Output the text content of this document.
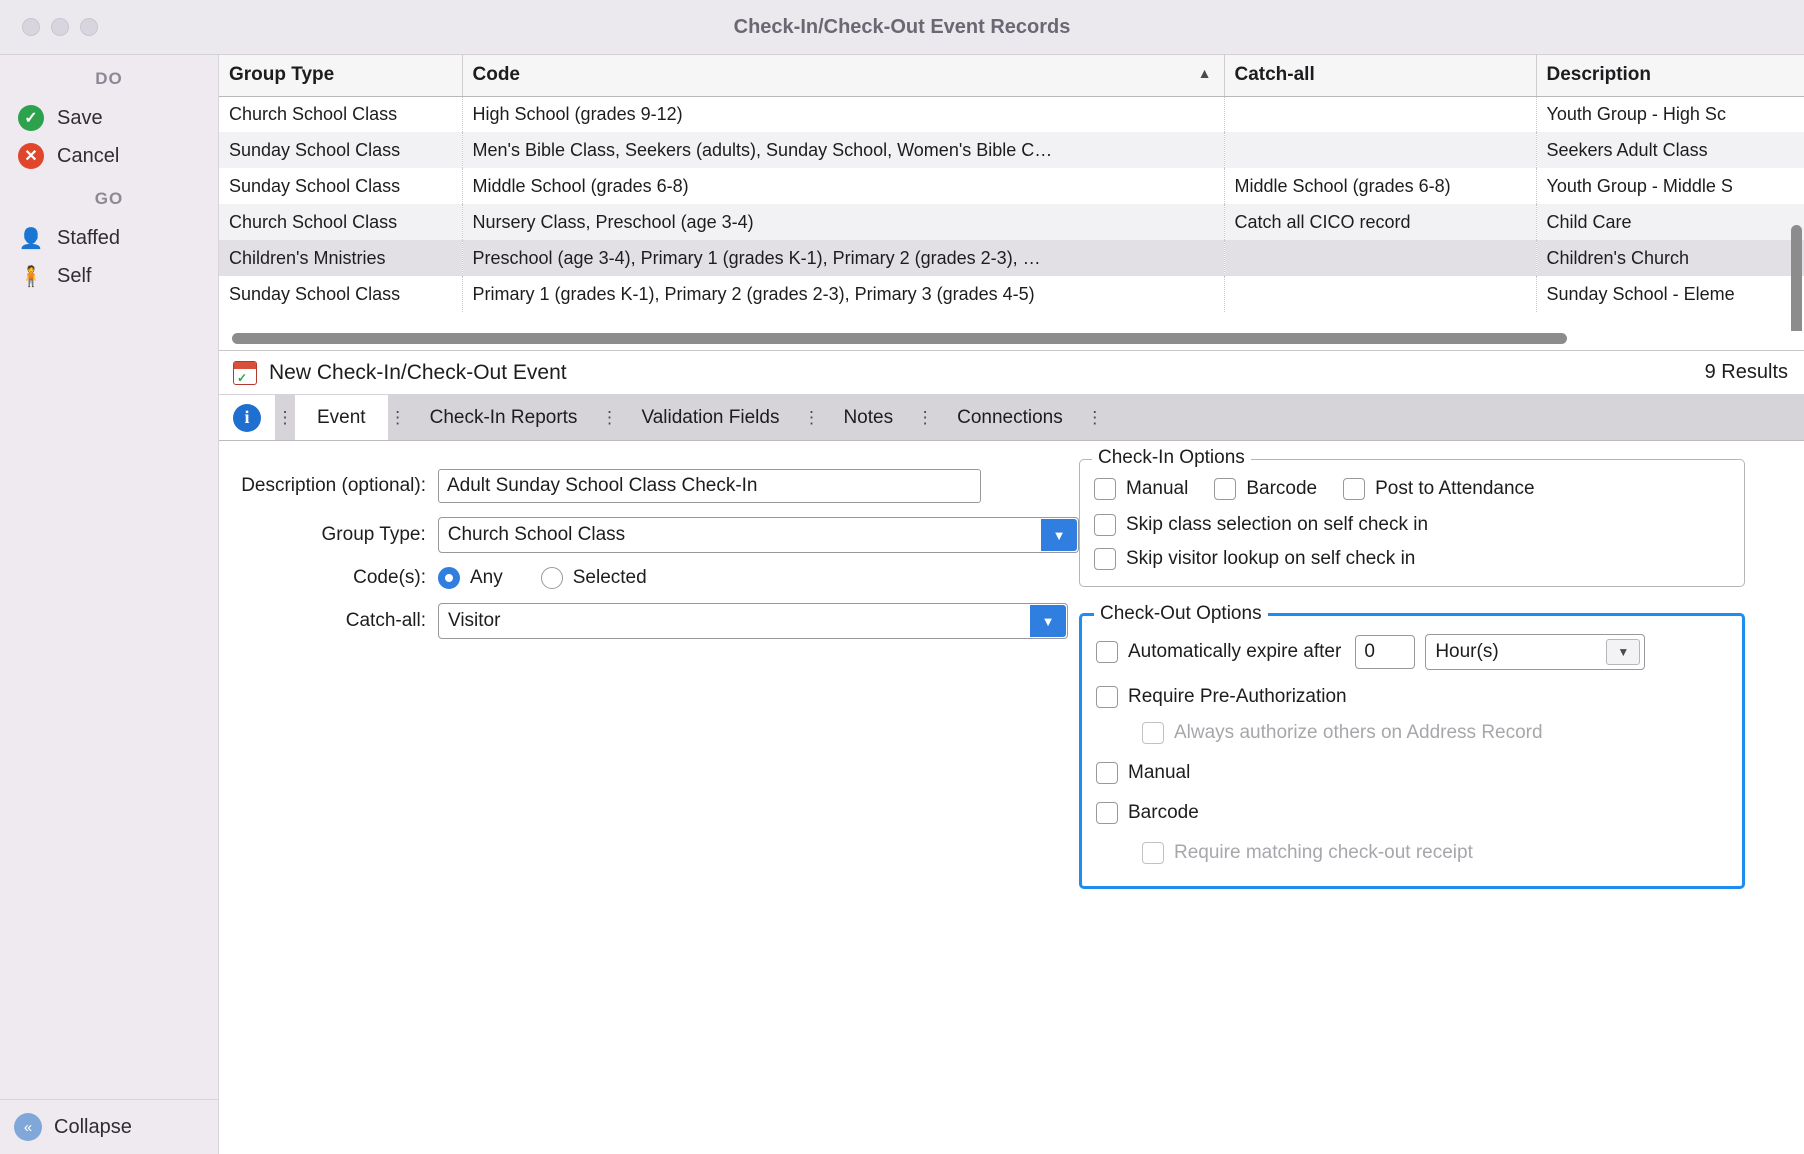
Check-In/Check-Out Event Records
DO
✓ Save
✕ Cancel
GO
👤 Staffed
🧍 Self
«	Collapse
Group Type	Code ▲	Catch-all	Description
Church School Class	High School (grades 9-12)		Youth Group - High Sc
Sunday School Class	Men's Bible Class, Seekers (adults), Sunday School, Women's Bible C…		Seekers Adult Class
Sunday School Class	Middle School (grades 6-8)	Middle School (grades 6-8)	Youth Group - Middle S
Church School Class	Nursery Class, Preschool (age 3-4)	Catch all CICO record	Child Care
Children's Mnistries	Preschool (age 3-4), Primary 1 (grades K-1), Primary 2 (grades 2-3), …		Children's Church
Sunday School Class	Primary 1 (grades K-1), Primary 2 (grades 2-3), Primary 3 (grades 4-5)		Sunday School - Eleme
✓
New Check-In/Check-Out Event	9 Results
i	⋮ Event ⋮ Check-In Reports ⋮ Validation Fields ⋮ Notes ⋮ Connections ⋮
Description (optional):	Adult Sunday School Class Check-In
Group Type:	Church School Class	▼
Code(s):	Any	Selected
Catch-all:	Visitor	▼
Check-In Options
Manual	Barcode	Post to Attendance
Skip class selection on self check in
Skip visitor lookup on self check in
Check-Out Options
Automatically expire after	0	Hour(s)	▼
Require Pre-Authorization
Always authorize others on Address Record
Manual
Barcode
Require matching check-out receipt
